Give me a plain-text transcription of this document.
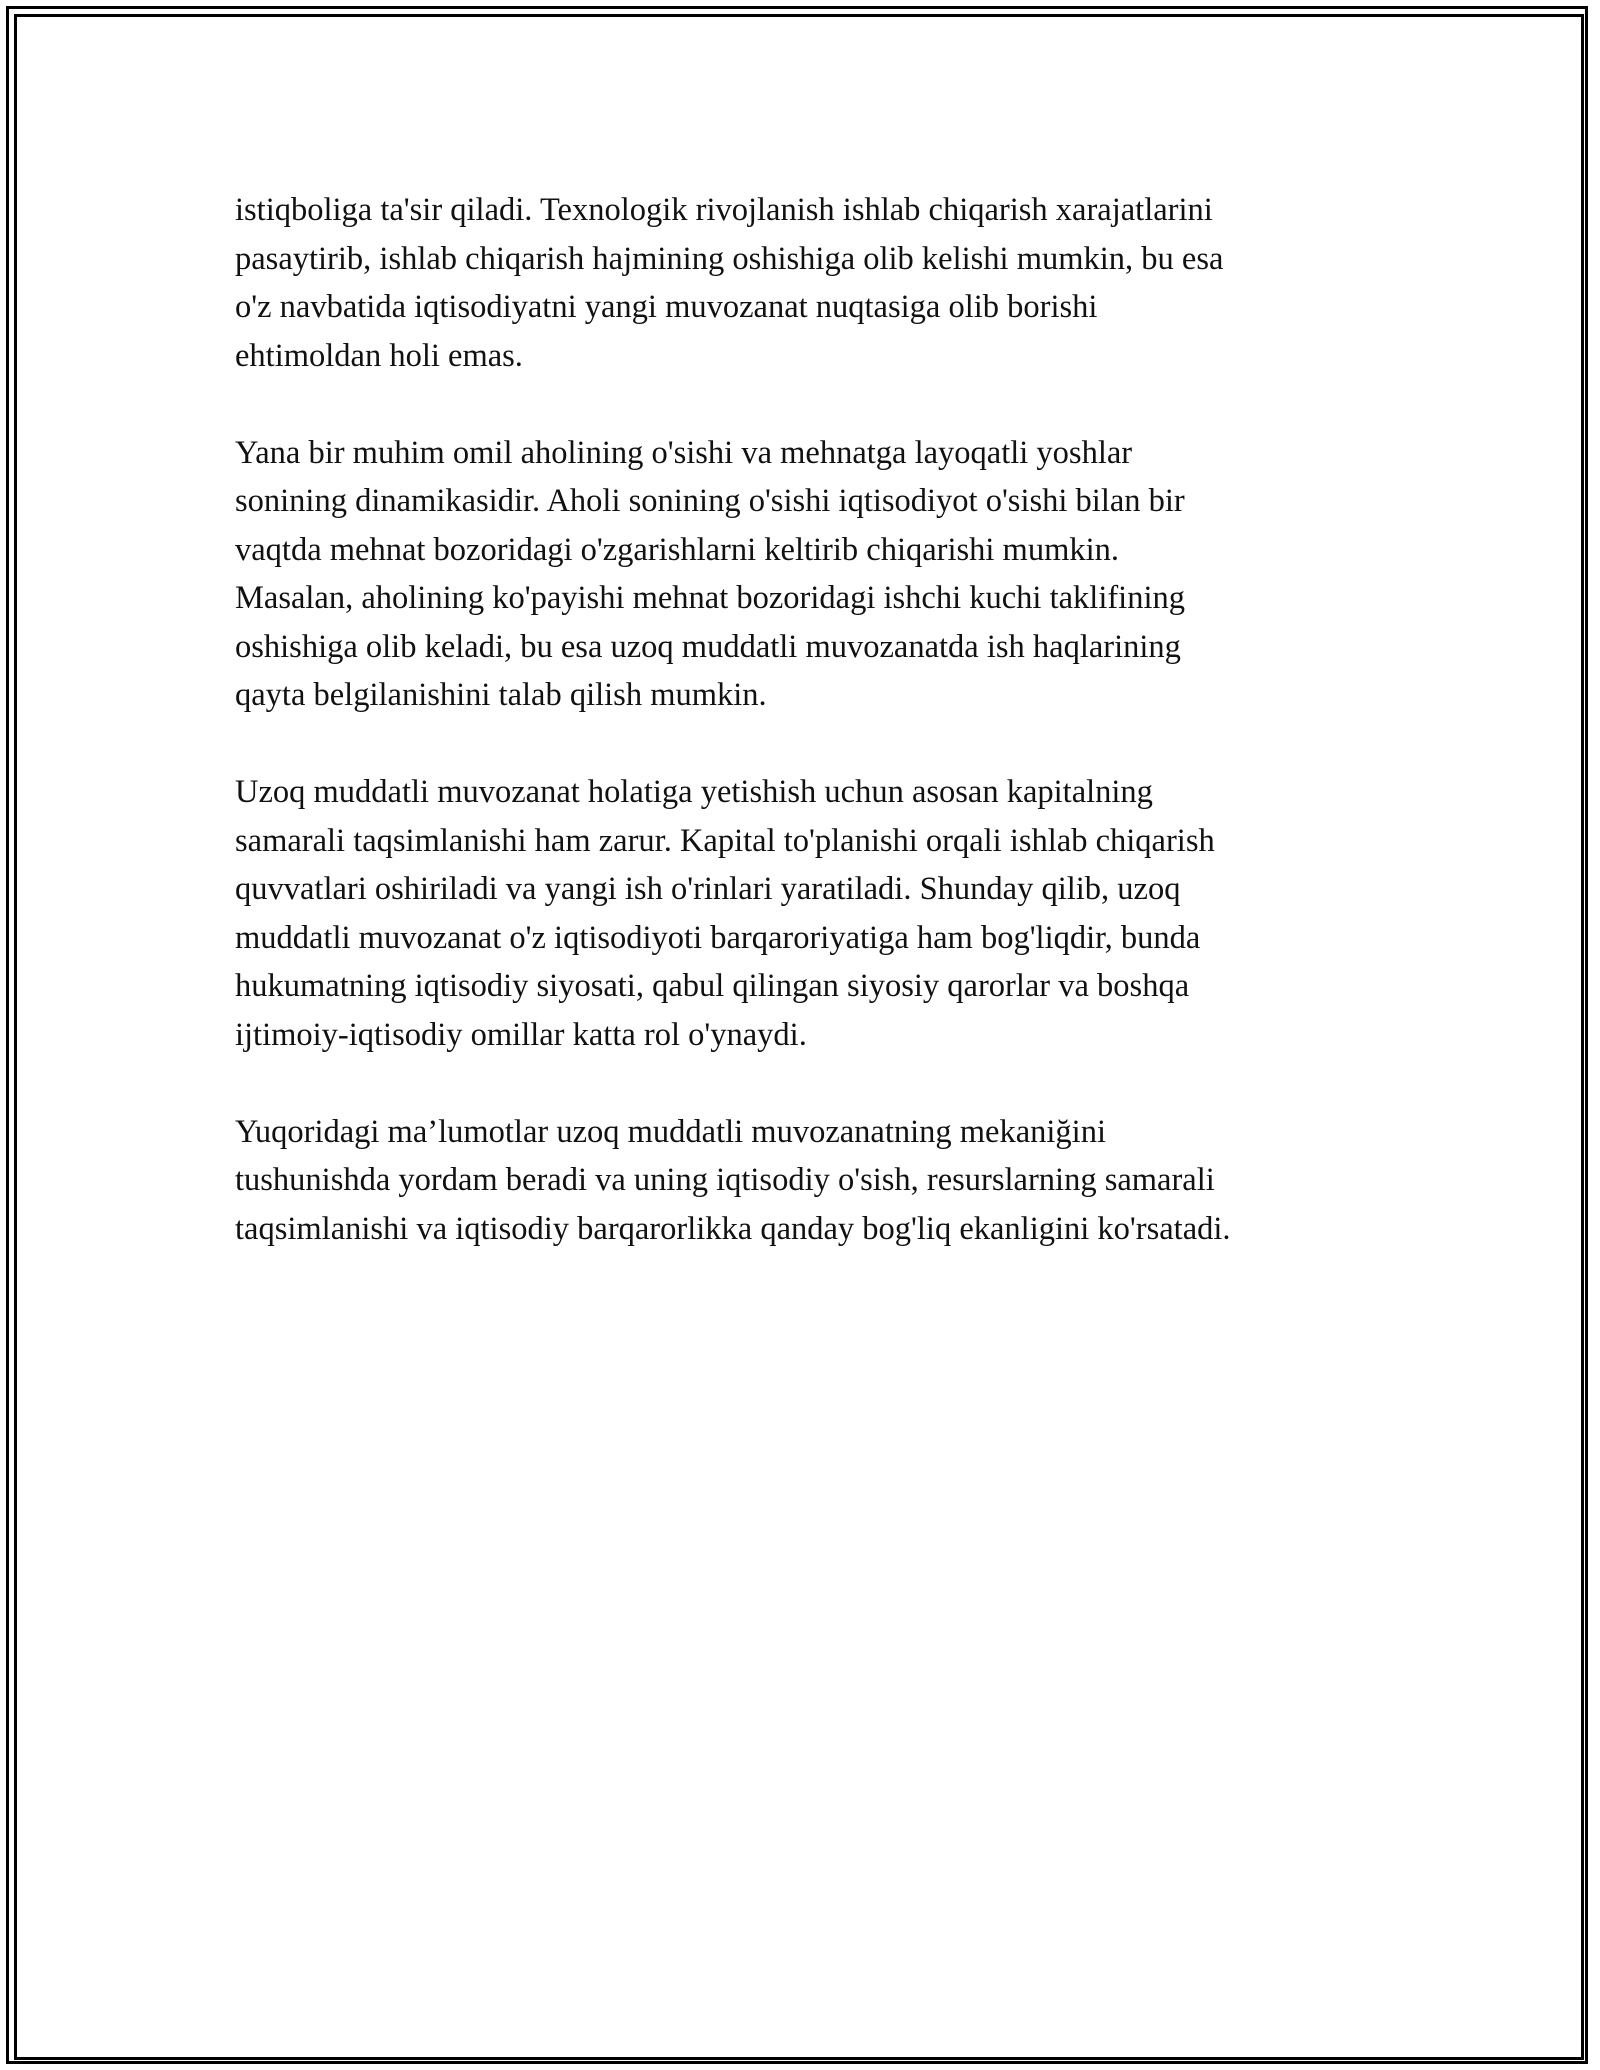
istiqboliga ta'sir qiladi. Texnologik rivojlanish ishlab chiqarish xarajatlarini
pasaytirib, ishlab chiqarish hajmining oshishiga olib kelishi mumkin, bu esa
o'z navbatida iqtisodiyatni yangi muvozanat nuqtasiga olib borishi
ehtimoldan holi emas.

Yana bir muhim omil aholining o'sishi va mehnatga layoqatli yoshlar
sonining dinamikasidir. Aholi sonining o'sishi iqtisodiyot o'sishi bilan bir
vaqtda mehnat bozoridagi o'zgarishlarni keltirib chiqarishi mumkin.
Masalan, aholining ko'payishi mehnat bozoridagi ishchi kuchi taklifining
oshishiga olib keladi, bu esa uzoq muddatli muvozanatda ish haqlarining
qayta belgilanishini talab qilish mumkin.

Uzoq muddatli muvozanat holatiga yetishish uchun asosan kapitalning
samarali taqsimlanishi ham zarur. Kapital to'planishi orqali ishlab chiqarish
quvvatlari oshiriladi va yangi ish o'rinlari yaratiladi. Shunday qilib, uzoq
muddatli muvozanat o'z iqtisodiyoti barqaroriyatiga ham bog'liqdir, bunda
hukumatning iqtisodiy siyosati, qabul qilingan siyosiy qarorlar va boshqa
ijtimoiy-iqtisodiy omillar katta rol o'ynaydi.

Yuqoridagi ma’lumotlar uzoq muddatli muvozanatning mekaniğini
tushunishda yordam beradi va uning iqtisodiy o'sish, resurslarning samarali
taqsimlanishi va iqtisodiy barqarorlikka qanday bog'liq ekanligini ko'rsatadi.
